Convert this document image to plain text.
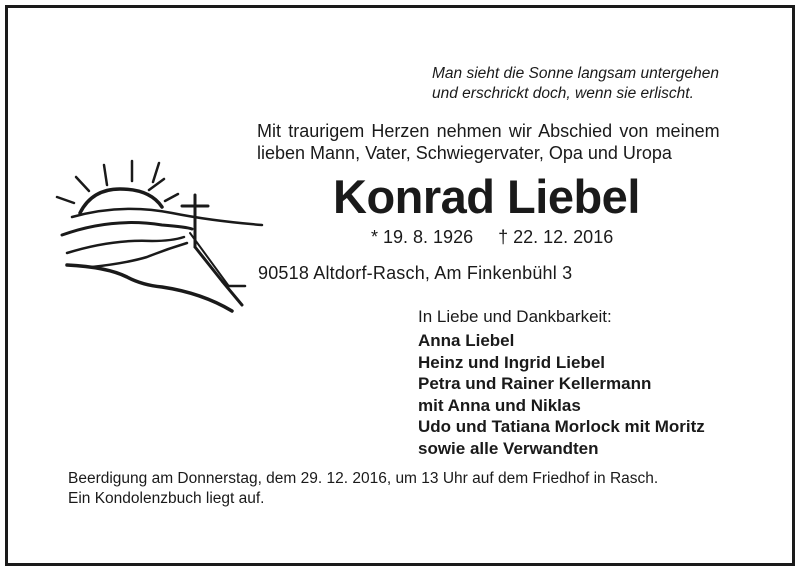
Man sieht die Sonne langsam untergehen
und erschrickt doch, wenn sie erlischt.
Mit traurigem Herzen nehmen wir Abschied von meinem
lieben Mann, Vater, Schwiegervater, Opa und Uropa
Konrad Liebel
* 19. 8. 1926 † 22. 12. 2016
90518 Altdorf-Rasch, Am Finkenbühl 3
In Liebe und Dankbarkeit:
Anna Liebel
Heinz und Ingrid Liebel
Petra und Rainer Kellermann
mit Anna und Niklas
Udo und Tatiana Morlock mit Moritz
sowie alle Verwandten
Beerdigung am Donnerstag, dem 29. 12. 2016, um 13 Uhr auf dem Friedhof in Rasch.
Ein Kondolenzbuch liegt auf.
